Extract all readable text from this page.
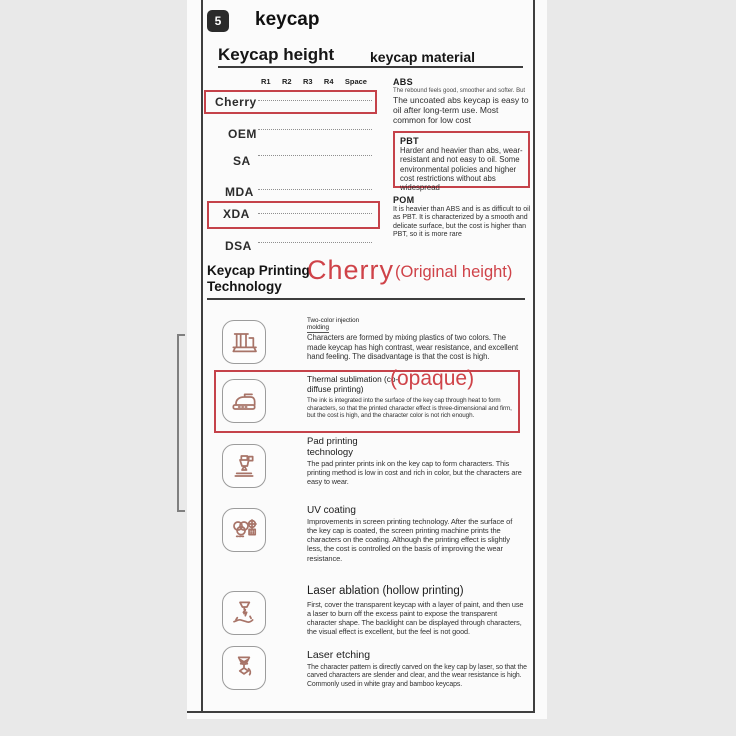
5	keycap
Keycap height	keycap material
R1 R2 R3 R4 Space
Cherry
OEM
SA
MDA
XDA
DSA
ABS
The rebound feels good, smoother and softer. But
The uncoated abs keycap is easy to oil after long-term use. Most common for low cost
PBT
Harder and heavier than abs, wear-resistant and not easy to oil. Some environmental policies and higher cost restrictions without abs widespread
POM
It is heavier than ABS and is as difficult to oil as PBT. It is characterized by a smooth and delicate surface, but the cost is higher than PBT, so it is more rare
Keycap Printing
Technology
Cherry (Original height)
Two-color injection
molding
Characters are formed by mixing plastics of two colors. The made keycap has high contrast, wear resistance, and excellent hand feeling. The disadvantage is that the cost is high.
Thermal sublimation (co-
diffuse printing) (opaque)
The ink is integrated into the surface of the key cap through heat to form characters, so that the printed character effect is three-dimensional and firm, but the cost is high, and the character color is not rich enough.
Pad printing
technology
The pad printer prints ink on the key cap to form characters. This printing method is low in cost and rich in color, but the characters are easy to wear.
UV coating
Improvements in screen printing technology. After the surface of the key cap is coated, the screen printing machine prints the characters on the coating. Although the printing effect is slightly less, the cost is controlled on the basis of improving the wear resistance.
Laser ablation (hollow printing)
First, cover the transparent keycap with a layer of paint, and then use a laser to burn off the excess paint to expose the transparent character shape. The backlight can be displayed through characters, the visual effect is excellent, but the feel is not good.
Laser etching
The character pattern is directly carved on the key cap by laser, so that the carved characters are slender and clear, and the wear resistance is high. Commonly used in white gray and bamboo keycaps.
